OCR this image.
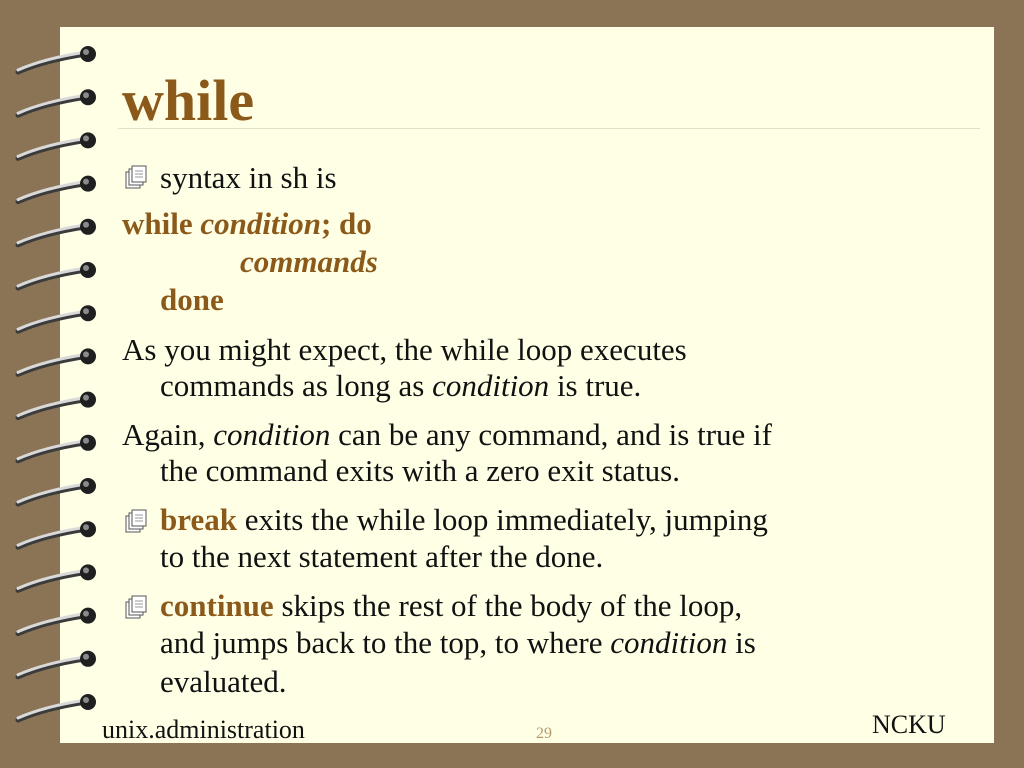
while
syntax in sh is
while condition; do
commands
done
As you might expect, the while loop executes
commands as long as condition is true.
Again, condition can be any command, and is true if
the command exits with a zero exit status.
break exits the while loop immediately, jumping
to the next statement after the done.
continue skips the rest of the body of the loop,
and jumps back to the top, to where condition is
evaluated.
unix.administration	29	NCKU
